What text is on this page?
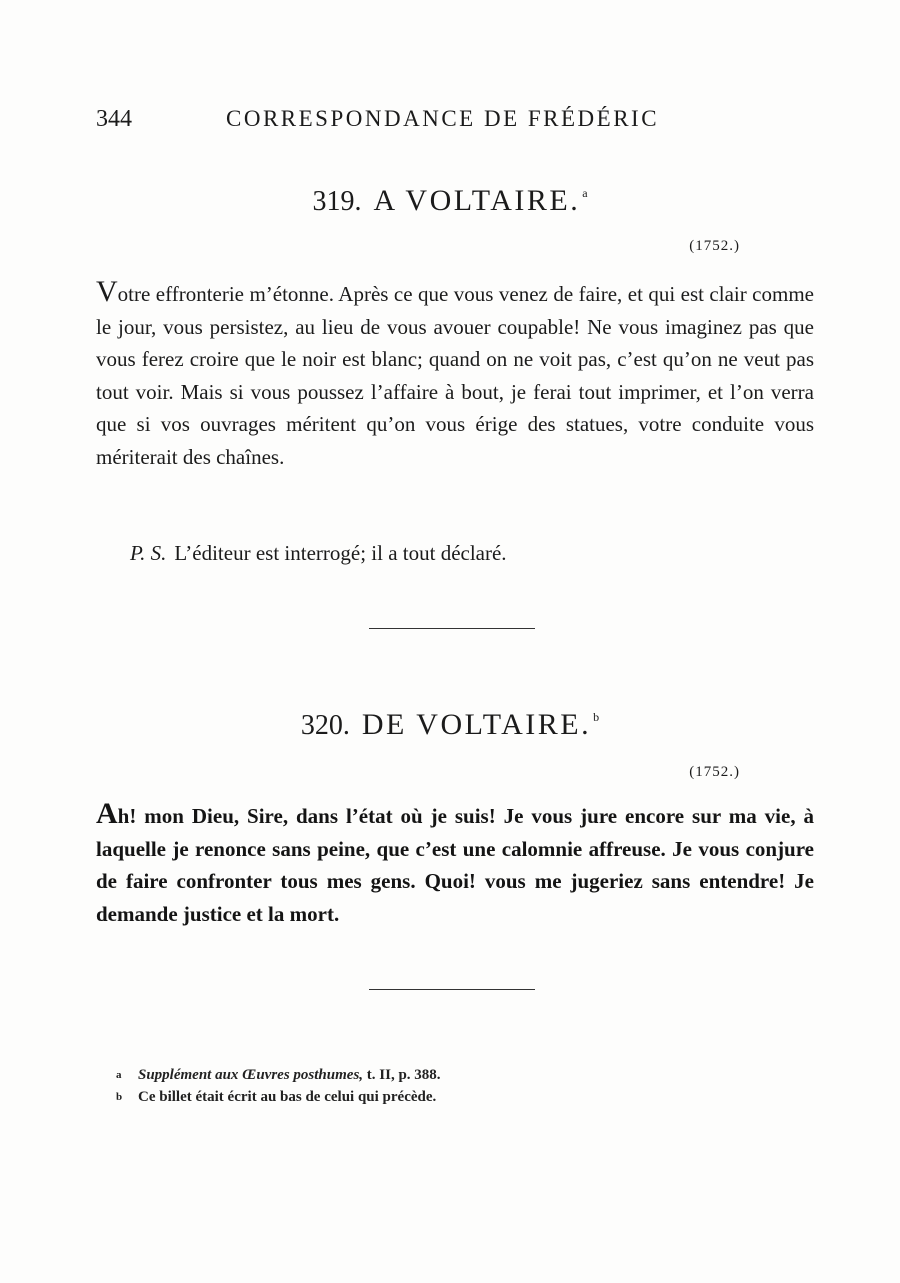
344	CORRESPONDANCE DE FRÉDÉRIC
319. A VOLTAIRE. $^a$
(1752.)
Votre effronterie m’étonne. Après ce que vous venez de faire, et qui est clair comme le jour, vous persistez, au lieu de vous avouer coupable! Ne vous imaginez pas que vous ferez croire que le noir est blanc; quand on ne voit pas, c’est qu’on ne veut pas tout voir. Mais si vous poussez l’affaire à bout, je ferai tout imprimer, et l’on verra que si vos ouvrages méritent qu’on vous érige des statues, votre conduite vous mériterait des chaînes.
P. S. L’éditeur est interrogé; il a tout déclaré.
320. DE VOLTAIRE. $^b$
(1752.)
Ah! mon Dieu, Sire, dans l’état où je suis! Je vous jure encore sur ma vie, à laquelle je renonce sans peine, que c’est une calomnie affreuse. Je vous conjure de faire confronter tous mes gens. Quoi! vous me jugeriez sans entendre! Je demande justice et la mort.
a Supplément aux Œuvres posthumes, t. II, p. 388.
b Ce billet était écrit au bas de celui qui précède.
